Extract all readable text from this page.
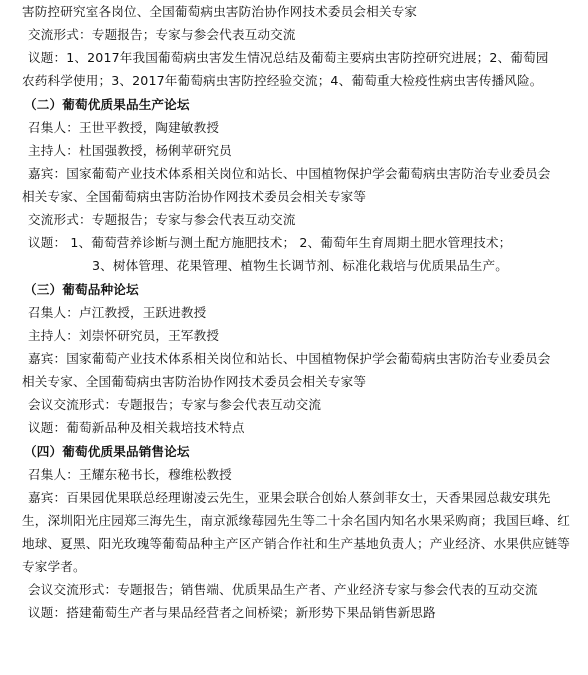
害防控研究室各岗位、全国葡萄病虫害防治协作网技术委员会相关专家
交流形式：专题报告；专家与参会代表互动交流
议题：1、2017年我国葡萄病虫害发生情况总结及葡萄主要病虫害防控研究进展；2、葡萄园
农药科学使用；3、2017年葡萄病虫害防控经验交流；4、葡萄重大检疫性病虫害传播风险。
（二）葡萄优质果品生产论坛
召集人：王世平教授，陶建敏教授
主持人：杜国强教授，杨俐苹研究员
嘉宾：国家葡萄产业技术体系相关岗位和站长、中国植物保护学会葡萄病虫害防治专业委员会
相关专家、全国葡萄病虫害防治协作网技术委员会相关专家等
交流形式：专题报告；专家与参会代表互动交流
议题： 1、葡萄营养诊断与测土配方施肥技术； 2、葡萄年生育周期土肥水管理技术；
3、树体管理、花果管理、植物生长调节剂、标准化栽培与优质果品生产。
（三）葡萄品种论坛
召集人：卢江教授，王跃进教授
主持人：刘崇怀研究员，王军教授
嘉宾：国家葡萄产业技术体系相关岗位和站长、中国植物保护学会葡萄病虫害防治专业委员会
相关专家、全国葡萄病虫害防治协作网技术委员会相关专家等
会议交流形式：专题报告；专家与参会代表互动交流
议题：葡萄新品种及相关栽培技术特点
（四）葡萄优质果品销售论坛
召集人：王耀东秘书长，穆维松教授
嘉宾：百果园优果联总经理谢凌云先生，亚果会联合创始人蔡剑菲女士，天香果园总裁安琪先
生，深圳阳光庄园郑三海先生，南京派缘莓园先生等二十余名国内知名水果采购商；我国巨峰、红
地球、夏黑、阳光玫瑰等葡萄品种主产区产销合作社和生产基地负责人；产业经济、水果供应链等
专家学者。
会议交流形式：专题报告；销售端、优质果品生产者、产业经济专家与参会代表的互动交流
议题：搭建葡萄生产者与果品经营者之间桥梁；新形势下果品销售新思路
